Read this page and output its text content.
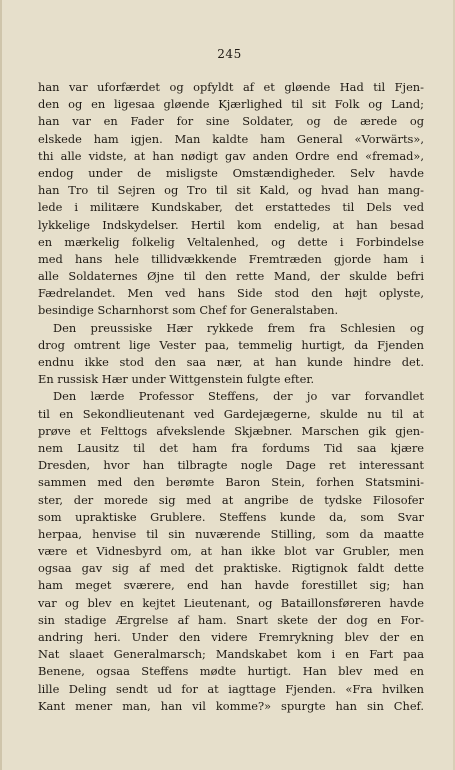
245
han var uforfærdet og opfyldt af et gløende Had til Fjen-
den og en ligesaa gløende Kjærlighed til sit Folk og Land;
han var en Fader for sine Soldater, og de ærede og
elskede ham igjen. Man kaldte ham General «Vorwärts»,
thi alle vidste, at han nødigt gav anden Ordre end «fremad»,
endog under de misligste Omstændigheder. Selv havde
han Tro til Sejren og Tro til sit Kald, og hvad han mang-
lede i militære Kundskaber, det erstattedes til Dels ved
lykkelige Indskydelser. Hertil kom endelig, at han besad
en mærkelig folkelig Veltalenhed, og dette i Forbindelse
med hans hele tillidvækkende Fremtræden gjorde ham i
alle Soldaternes Øjne til den rette Mand, der skulde befri
Fædrelandet. Men ved hans Side stod den højt oplyste,
besindige Scharnhorst som Chef for Generalstaben.
Den preussiske Hær rykkede frem fra Schlesien og
drog omtrent lige Vester paa, temmelig hurtigt, da Fjenden
endnu ikke stod den saa nær, at han kunde hindre det.
En russisk Hær under Wittgenstein fulgte efter.
Den lærde Professor Steffens, der jo var forvandlet
til en Sekondlieutenant ved Gardejægerne, skulde nu til at
prøve et Felttogs afvekslende Skjæbner. Marschen gik gjen-
nem Lausitz til det ham fra fordums Tid saa kjære
Dresden, hvor han tilbragte nogle Dage ret interessant
sammen med den berømte Baron Stein, forhen Statsmini-
ster, der morede sig med at angribe de tydske Filosofer
som upraktiske Grublere. Steffens kunde da, som Svar
herpaa, henvise til sin nuværende Stilling, som da maatte
være et Vidnesbyrd om, at han ikke blot var Grubler, men
ogsaa gav sig af med det praktiske. Rigtignok faldt dette
ham meget sværere, end han havde forestillet sig; han
var og blev en kejtet Lieutenant, og Bataillonsføreren havde
sin stadige Ærgrelse af ham. Snart skete der dog en For-
andring heri. Under den videre Fremrykning blev der en
Nat slaaet Generalmarsch; Mandskabet kom i en Fart paa
Benene, ogsaa Steffens mødte hurtigt. Han blev med en
lille Deling sendt ud for at iagttage Fjenden. «Fra hvilken
Kant mener man, han vil komme?» spurgte han sin Chef.
